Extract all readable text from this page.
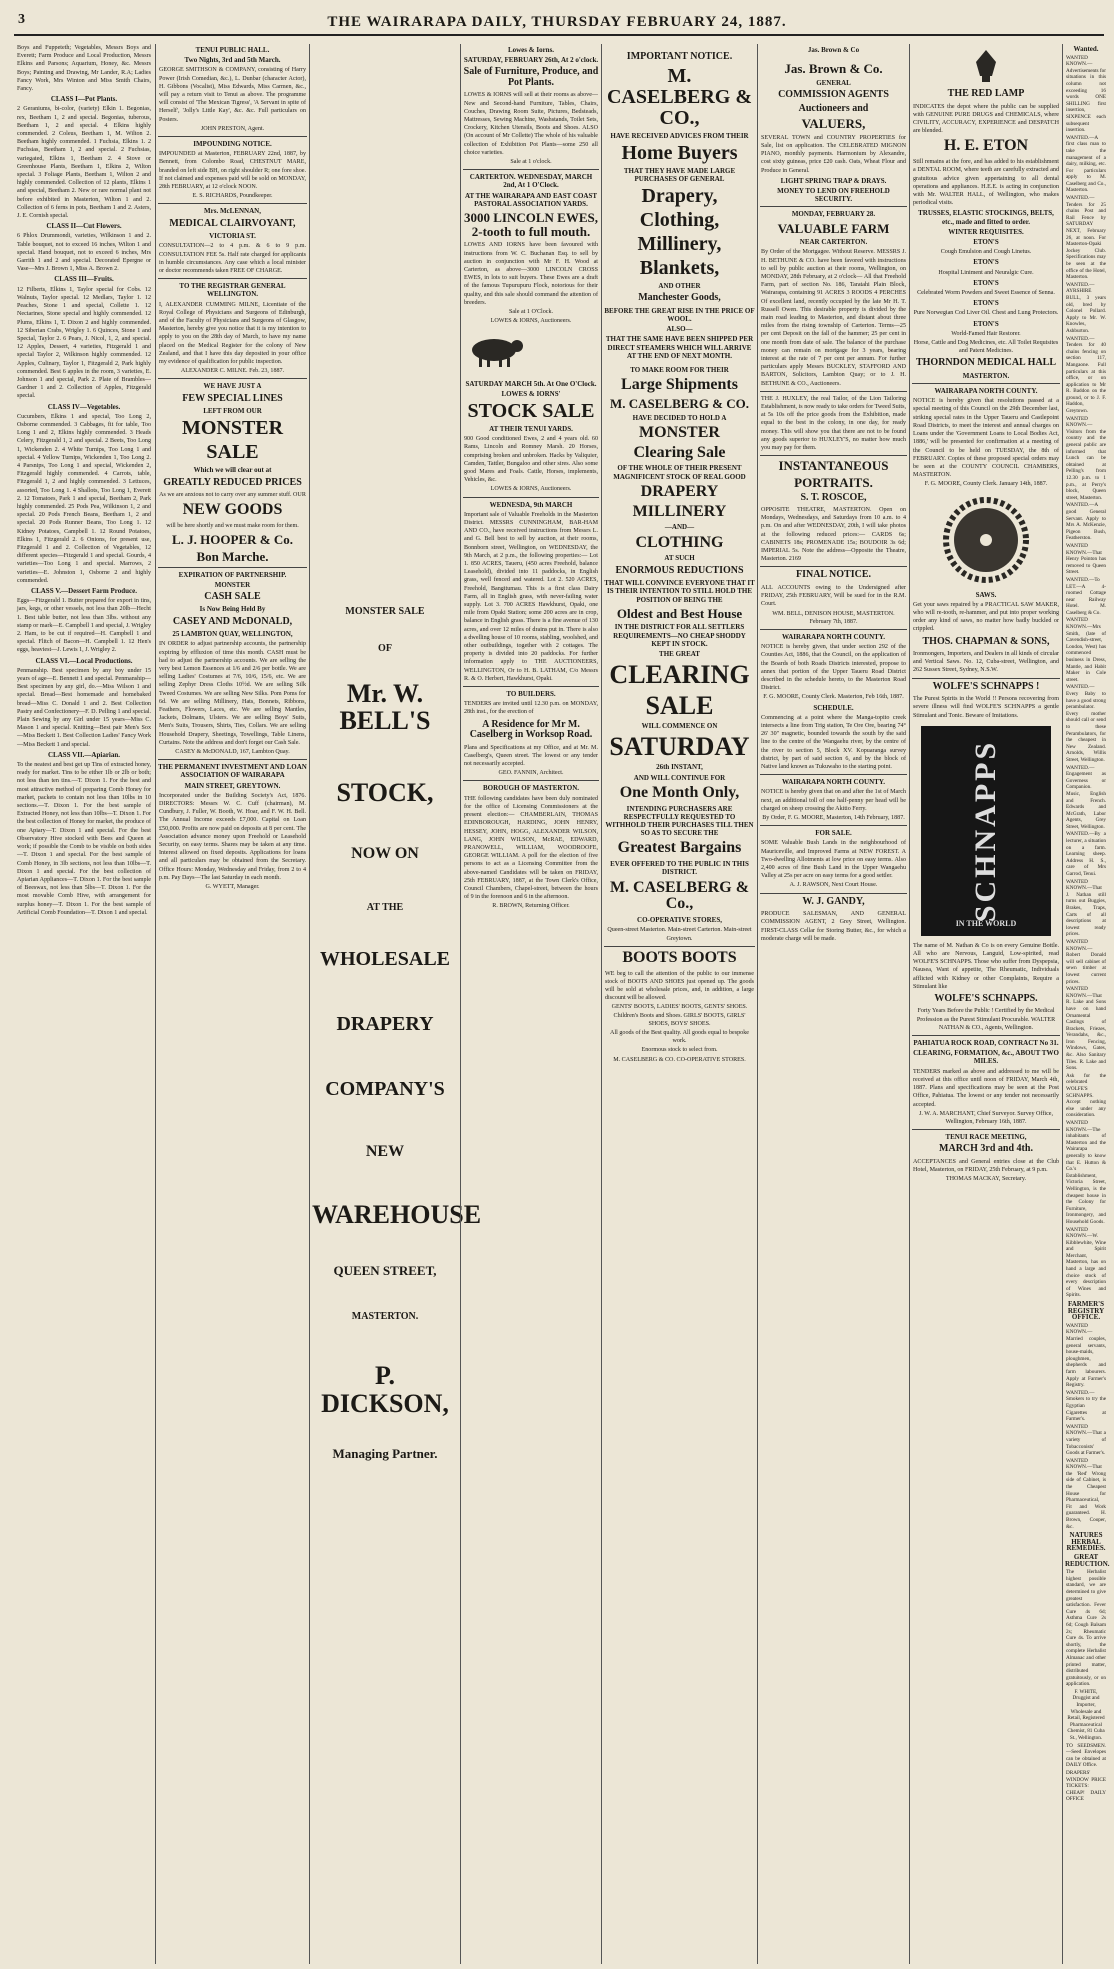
3	THE WAIRARAPA DAILY, THURSDAY FEBRUARY 24, 1887.

Boys and Fuppeteth; Vegetables, Messrs Boys and Everett; Farm Produce and Local Production, Messrs Elkins and Parsons; Aquarium, Honey, &c. Messrs Boys; Painting and Drawing, Mr Lander, R.A; Ladies Fancy Work, Mrs Winton and Miss Smith Chairs, Fancy.

CLASS I—Pot Plants.

2 Geraniums, bi-color, (variety) Elkin 1. Begonias, rex, Beetham 1, 2 and special. Begonias, tuberous, Beetham 1, 2 and special. 4 Elkins highly commended. 2 Coleus, Beetham 1, M. Wilton 2. Beetham highly commended. 1 Fuchsia, Elkins 1. 2 Fuchsias, Beetham 1, 2 and special. 2 Fuchsias, variegated, Elkins 1, Beetham 2. 4 Stove or Greenhouse Plants, Beetham 1, Elkins 2, Wilton special. 3 Foliage Plants, Beetham 1, Wilton 2 and highly commended. Collection of 12 plants, Elkins 1 and special, Beetham 2. New or rare normal plant not before exhibited in Masterton, Wilton 1 and 2. Collection of 6 ferns in pots, Beetham 1 and 2. Asters, J. E. Cornish special.

CLASS II—Cut Flowers.

6 Phlox Drummondi, varieties, Wilkinson 1 and 2. Table bouquet, not to exceed 16 inches, Wilton 1 and special. Hand bouquet, not to exceed 6 inches, Mrs Garrith 1 and 2 and special. Decorated Epergne or Vase—Mrs J. Brown 1, Miss A. Brown 2.

CLASS III—Fruits.

12 Filberts, Elkins 1, Taylor special for Cobs. 12 Walnuts, Taylor special. 12 Medlars, Taylor 1. 12 Peaches, Stone 1 and special, Collette 1. 12 Nectarines, Stone special and highly commended. 12 Plums, Elkins 1, T. Dixon 2 and highly commended. 12 Siberian Crabs, Wrigley 1. 6 Quinces, Stone 1 and Special, Taylor 2. 6 Pears, J. Nicol, 1, 2, and special. 12 Apples, Dessert, 4 varieties, Fitzgerald 1 and special Taylor 2, Wilkinson highly commended. 12 Apples, Culinary, Taylor 1, Fitzgerald 2, Park highly commended. Best 6 apples in the room, 3 varieties, E. Johnson 1 and special, Park 2. Plate of Brambles—Gardner 1 and 2. Collection of Apples, Fitzgerald special.

CLASS IV—Vegetables.

Cucumbers, Elkins 1 and special, Too Long 2, Osborne commended. 3 Cabbages, fit for table, Too Long 1 and 2, Elkins highly commended. 3 Heads Celery, Fitzgerald 1, 2 and special. 2 Beets, Too Long 1, Wickenden 2. 4 White Turnips, Too Long 1 and special. 4 Yellow Turnips, Wickenden 1, Too Long 2. 4 Parsnips, Too Long 1 and special, Wickenden 2, Fitzgerald highly commended. 4 Carrots, table, Fitzgerald 1, 2 and highly commended. 3 Lettuces, assorted, Too Long 1. 4 Shallots, Too Long 1, Everett 2. 12 Tomatoes, Park 1 and special, Beetham 2, Park highly commended. 25 Pods Pea, Wilkinson 1, 2 and special. 20 Pods French Beans, Beetham 1, 2 and special. 20 Pods Runner Beans, Too Long 1. 12 Kidney Potatoes, Campbell 1. 12 Round Potatoes, Elkins 1, Fitzgerald 2. 6 Onions, for present use, Fitzgerald 1 and 2. Collection of Vegetables, 12 different species—Fitzgerald 1 and special. Gourds, 4 varieties—Too Long 1 and special. Marrows, 2 varieties—E. Johnston 1, Osborne 2 and highly commended.

CLASS V.—Dessert Farm Produce.

Eggs—Fitzgerald 1. Butter prepared for export in tins, jars, kegs, or other vessels, not less than 20lb—Hecht 1. Best table butter, not less than 3lbs. without any stamp or mark—E. Campbell 1 and special, J. Wrigley 2. Ham, to be cut if required—H. Campbell 1 and special. Flitch of Bacon—H. Campbell 1. 12 Hen's eggs, heaviest—J. Lewis 1, J. Wrigley 2.

CLASS VI.—Local Productions.

Penmanship. Best specimen by any boy under 15 years of age—E. Bennett 1 and special. Penmanship—Best specimen by any girl, do.—Miss Wilson 1 and special. Bread—Best homemade and homebaked bread—Miss C. Donald 1 and 2. Best Collection Pastry and Confectionery—F. D. Pelling 1 and special. Plain Sewing by any Girl under 15 years—Miss C. Mason 1 and special. Knitting—Best pair Men's Sox—Miss Beckett 1. Best Collection Ladies' Fancy Work—Miss Beckett 1 and special.

CLASS VII.—Apiarian.

To the neatest and best get up Tins of extracted honey, ready for market. Tins to be either 1lb or 2lb or both; not less than ten tins.—T. Dixon 1. For the best and most attractive method of preparing Comb Honey for market, packets to contain not less than 10lbs in 10 sections.—T. Dixon 1. For the best sample of Extracted Honey, not less than 10lbs—T. Dixon 1. For the best collection of Honey for market, the produce of one Apiary—T. Dixon 1 and special. For the best Observatory Hive stocked with Bees and Queen at work; if possible the Comb to be visible on both sides—T. Dixon 1 and special. For the best sample of Comb Honey, in 3lb sections, not less than 10lbs—T. Dixon 1 and special. For the best collection of Apiarian Appliances—T. Dixon 1. For the best sample of Beeswax, not less than 5lbs—T. Dixon 1. For the most movable Comb Hive, with arrangement for surplus honey—T. Dixon 1. For the best sample of Artificial Comb Foundation—T. Dixon 1 and special.

TENUI PUBLIC HALL.
Two Nights, 3rd and 5th March.

GEORGE SMITHSON & COMPANY, consisting of Harry Power (Irish Comedian, &c.), L. Dunbar (character Actor), H. Gibbons (Vocalist), Miss Edwards, Miss Carmen, &c., will pay a return visit to Tenui as above. The programme will consist of 'The Mexican Tigress', 'A Servant in spite of Herself', 'Jolly's Little Kay', &c. &c. Full particulars on Posters.

JOHN PRESTON, Agent.

IMPOUNDING NOTICE.

IMPOUNDED at Masterton, FEBRUARY 22nd, 1887, by Bennett, from Colombo Road, CHESTNUT MARE, branded on left side BH, on right shoulder R; one fore shoe. If not claimed and expenses paid will be sold on MONDAY, 28th FEBRUARY, at 12 o'clock NOON.

E. S. RICHARDS, Poundkeeper.

Mrs. McLENNAN,
MEDICAL CLAIRVOYANT,
VICTORIA ST.

CONSULTATION—2 to 4 p.m. & 6 to 9 p.m. CONSULTATION FEE 5s. Half rate charged for applicants in humble circumstances. Any case which a local minister or doctor recommends taken FREE OF CHARGE.

TO THE REGISTRAR GENERAL WELLINGTON.

I, ALEXANDER CUMMING MILNE, Licentiate of the Royal College of Physicians and Surgeons of Edinburgh, and of the Faculty of Physicians and Surgeons of Glasgow, Masterton, hereby give you notice that it is my intention to apply to you on the 28th day of March, to have my name placed on the Medical Register for the colony of New Zealand, and that I have this day deposited in your office my evidence of qualification for public inspection.

ALEXANDER C. MILNE. Feb. 23, 1887.

WE HAVE JUST A
FEW SPECIAL LINES
LEFT FROM OUR
MONSTER
SALE
Which we will clear out at
GREATLY REDUCED PRICES

As we are anxious not to carry over any summer stuff. OUR

NEW GOODS

will be here shortly and we must make room for them.

L. J. HOOPER & Co.
Bon Marche.
EXPIRATION OF PARTNERSHIP.
MONSTER
CASH SALE
Is Now Being Held By
CASEY AND McDONALD,
25 LAMBTON QUAY, WELLINGTON,

IN ORDER to adjust partnership accounts, the partnership expiring by effluxion of time this month. CASH must be had to adjust the partnership accounts. We are selling the very best Lemon Essences at 1/6 and 2/6 per bottle. We are selling Ladies' Costumes at 7/6, 10/6, 15/6, etc. We are selling Zephyr Dress Cloths 10½d. We are selling Silk Tweed Costumes. We are selling New Silks. Pom Poms for 6d. We are selling Millinery, Hats, Bonnets, Ribbons, Feathers, Flowers, Laces, etc. We are selling Mantles, Jackets, Dolmans, Ulsters. We are selling Boys' Suits, Men's Suits, Trousers, Shirts, Ties, Collars. We are selling Household Drapery, Sheetings, Towellings, Table Linens, Curtains. Note the address and don't forget our Cash Sale.

CASEY & McDONALD, 167, Lambton Quay.

THE PERMANENT INVESTMENT AND LOAN ASSOCIATION OF WAIRARAPA
MAIN STREET, GREYTOWN.

Incorporated under the Building Society's Act, 1876. DIRECTORS: Messrs W. C. Cuff (chairman), M. Cundbury, J. Fuller, W. Booth, W. Hoar, and F. W. H. Bell. The Annual Income exceeds £7,000. Capital on Loan £50,000. Profits are now paid on deposits at 8 per cent. The Association advance money upon Freehold or Leasehold Security, on easy terms. Shares may be taken at any time. Interest allowed on fixed deposits. Applications for loans and all particulars may be obtained from the Secretary. Office Hours: Monday, Wednesday and Friday, from 2 to 4 p.m. Pay Days—The last Saturday in each month.

G. WYETT, Manager.

MONSTER SALE
OF
Mr. W. BELL'S
STOCK,
NOW ON
AT THE
WHOLESALE
DRAPERY
COMPANY'S
NEW
WAREHOUSE
QUEEN STREET,
MASTERTON.
P. DICKSON,
Managing Partner.
Lowes & Iorns.
SATURDAY, FEBRUARY 26th, At 2 o'clock.
Sale of Furniture, Produce, and Pot Plants.

LOWES & IORNS will sell at their rooms as above— New and Second-hand Furniture, Tables, Chairs, Couches, Drawing Room Suite, Pictures, Bedsteads, Mattresses, Sewing Machine, Washstands, Toilet Sets, Crockery, Kitchen Utensils, Boots and Shoes. ALSO (On account of Mr Collette) The whole of his valuable collection of Exhibition Pot Plants—some 250 all choice varieties.

Sale at 1 o'clock.

CARTERTON. WEDNESDAY, MARCH 2nd, At 1 O'Clock.
AT THE WAIRARAPA AND EAST COAST PASTORAL ASSOCIATION YARDS.
3000 LINCOLN EWES, 2-tooth to full mouth.

LOWES AND IORNS have been favoured with instructions from W. C. Buchanan Esq. to sell by auction in conjunction with Mr F. H. Wood at Carterton, as above—3000 LINCOLN CROSS EWES, in lots to suit buyers. These Ewes are a draft of the famous Tupurupuru Flock, notorious for their quality, and this sale should command the attention of breeders.

Sale at 1 O'Clock.

LOWES & IORNS, Auctioneers.

SATURDAY MARCH 5th. At One O'Clock.
LOWES & IORNS'
STOCK SALE
AT THEIR TENUI YARDS.

900 Good conditioned Ewes, 2 and 4 years old. 60 Rams, Lincoln and Romney Marsh. 20 Horses, comprising broken and unbroken. Hacks by Valiquier, Camden, Tattler, Bungaloo and other sires. Also some good Mares and Foals. Cattle, Horses, implements, Vehicles, &c.

LOWES & IORNS, Auctioneers.

WEDNESDA, 9th MARCH

Important sale of Valuable Freeholds in the Masterton District. MESSRS CUNNINGHAM, BAR-HAM AND CO., have received instructions from Messrs L. and G. Bell best to sell by auction, at their rooms, Bonnborn street, Wellington, on WEDNESDAY, the 9th March, at 2 p.m., the following properties:— Lot 1. 850 ACRES, Taueru, (450 acres Freehold, balance Leasehold), divided into 11 paddocks, in English grass, well fenced and watered. Lot 2. 520 ACRES, Freehold, Bangitumau. This is a first class Dairy Farm, all in English grass, with never-failing water supply. Lot 3. 700 ACRES Hawkhurst, Opaki, one mile from Opaki Station; some 200 acres are in crop, balance in English grass. There is a fine avenue of 130 acres, and over 12 miles of drains put in. There is also a dwelling house of 10 rooms, stabling, woolshed, and other outbuildings, together with 2 cottages. The property is divided into 20 paddocks. For further information apply to THE AUCTIONEERS, WELLINGTON, Or to H. B. LATHAM, C/o Messrs R. & O. Herbert, Hawkhurst, Opaki.

TO BUILDERS.

TENDERS are invited until 12.30 p.m. on MONDAY, 28th inst., for the erection of

A Residence for Mr M. Caselberg in Worksop Road.

Plans and Specifications at my Office, and at Mr. M. Caselberg's, Queen street. The lowest or any tender not necessarily accepted.

GEO. FANNIN, Architect.

BOROUGH OF MASTERTON.

THE following candidates have been duly nominated for the office of Licensing Commissioners at the present election:— CHAMBERLAIN, THOMAS EDINBOROUGH, HARDING, JOHN HENRY, HESSEY, JOHN, HOGG, ALEXANDER WILSON, LANG, JOHN WILSON, McRAE, EDWARD, PRANOWELL, WILLIAM, WOODROOFE, GEORGE WILLIAM. A poll for the election of five persons to act as a Licensing Committee from the above-named Candidates will be taken on FRIDAY, 25th FEBRUARY, 1887, at the Town Clerk's Office, Council Chambers, Chapel-street, between the hours of 9 in the forenoon and 6 in the afternoon.

R. BROWN, Returning Officer.

IMPORTANT NOTICE.
M. CASELBERG & CO.,
HAVE RECEIVED ADVICES FROM THEIR
Home Buyers
THAT THEY HAVE MADE LARGE PURCHASES OF GENERAL
Drapery,
Clothing,
Millinery,
Blankets,
AND OTHER
Manchester Goods,
BEFORE THE GREAT RISE IN THE PRICE OF WOOL.
ALSO—
THAT THE SAME HAVE BEEN SHIPPED PER DIRECT STEAMERS WHICH WILL ARRIVE AT THE END OF NEXT MONTH.
TO MAKE ROOM FOR THEIR
Large Shipments
M. CASELBERG & CO.
HAVE DECIDED TO HOLD A
MONSTER
Clearing Sale
OF THE WHOLE OF THEIR PRESENT MAGNIFICENT STOCK OF REAL GOOD
DRAPERY
MILLINERY
—AND—
CLOTHING
AT SUCH
ENORMOUS REDUCTIONS
THAT WILL CONVINCE EVERYONE THAT IT IS THEIR INTENTION TO STILL HOLD THE POSITION OF BEING THE
Oldest and Best House
IN THE DISTRICT FOR ALL SETTLERS REQUIREMENTS—NO CHEAP SHODDY KEPT IN STOCK.
THE GREAT
CLEARING
SALE
WILL COMMENCE ON
SATURDAY
26th INSTANT,
AND WILL CONTINUE FOR
One Month Only,
INTENDING PURCHASERS ARE RESPECTFULLY REQUESTED TO WITHHOLD THEIR PURCHASES TILL THEN SO AS TO SECURE THE
Greatest Bargains
EVER OFFERED TO THE PUBLIC IN THIS DISTRICT.
M. CASELBERG & Co.,
CO-OPERATIVE STORES,

Queen-street Masterton. Main-street Carterton. Main-street Greytown.

BOOTS BOOTS

WE beg to call the attention of the public to our immense stock of BOOTS AND SHOES just opened up. The goods will be sold at wholesale prices, and, in addition, a large discount will be allowed.

GENTS' BOOTS, LADIES' BOOTS, GENTS' SHOES. Children's Boots and Shoes. GIRLS' BOOTS, GIRLS' SHOES, BOYS' SHOES.

All goods of the Best quality. All goods equal to bespoke work.

Enormous stock to select from.

M. CASELBERG & CO. CO-OPERATIVE STORES.

Jas. Brown & Co
Jas. Brown & Co.
GENERAL
COMMISSION AGENTS
Auctioneers and
VALUERS,

SEVERAL TOWN and COUNTRY PROPERTIES for Sale, list on application. The CELEBRATED MIGNON PIANO, monthly payments. Harmonium by Alexandre, cost sixty guineas, price £20 cash. Oats, Wheat Flour and Produce in General.

LIGHT SPRING TRAP & DRAYS.
MONEY TO LEND ON FREEHOLD SECURITY.
MONDAY, FEBRUARY 28.
VALUABLE FARM
NEAR CARTERTON.

By Order of the Mortgagee. Without Reserve. MESSRS J. H. BETHUNE & CO. have been favored with instructions to sell by public auction at their rooms, Wellington, on MONDAY, 28th February, at 2 o'clock— All that Freehold Farm, part of section No. 186, Taratahi Plain Block, Wairarapa, containing 91 ACRES 3 ROODS 4 PERCHES Of excellent land, recently occupied by the late Mr H. T. Russell Owen. This desirable property is divided by the main road leading to Masterton, and distant about three miles from the rising township of Carterton. Terms—25 per cent Deposit on the fall of the hammer; 25 per cent in one month from date of sale. The balance of the purchase money can remain on mortgage for 3 years, bearing interest at the rate of 7 per cent per annum. For further particulars apply Messrs BUCKLEY, STAFFORD AND BARTON, Solicitors, Lambton Quay; or to J. H. BETHUNE & CO., Auctioneers.

THE J. HUXLEY, the real Tailor, of the Lion Tailoring Establishment, is now ready to take orders for Tweed Suits, at 5s 10s off the price goods from the Exhibition, made equal to the best in the colony, in one day, for ready money. This will show you that there are not to be found any goods superior to HUXLEY'S, no matter how much you may pay for them.

INSTANTANEOUS
PORTRAITS.
S. T. ROSCOE,

OPPOSITE THEATRE, MASTERTON. Open on Mondays, Wednesdays, and Saturdays from 10 a.m. to 4 p.m. On and after WEDNESDAY, 20th, I will take photos at the following reduced prices:— CARDS 6s; CABINETS 18s; PROMENADE 15s; BOUDOIR 3s 6d; IMPERIAL 5s. Note the address—Opposite the Theatre, Masterton. 2169

FINAL NOTICE.

ALL ACCOUNTS owing to the Undersigned after FRIDAY, 25th FEBRUARY, Will be sued for in the R.M. Court.

WM. BELL, DENISON HOUSE, MASTERTON. February 7th, 1887.

WAIRARAPA NORTH COUNTY.

NOTICE is hereby given, that under section 292 of the Counties Act, 1886, that the Council, on the application of the Boards of both Roads Districts interested, propose to annex that portion of the Upper Taueru Road District described in the schedule hereto, to the Masterton Road District.

F. G. MOORE, County Clerk. Masterton, Feb 16th, 1887.

SCHEDULE.

Commencing at a point where the Manga-topito creek intersects a line from Trig station, Te Ore Ore, bearing 74° 26' 30" magnetic, bounded towards the south by the said line to the centre of the Wangaehu river, by the centre of the river to section 5, Block XV. Kopuaranga survey district, by part of said section 6, and by the block of Native land known as Tukuwaho to the starting point.

WAIRARAPA NORTH COUNTY.

NOTICE is hereby given that on and after the 1st of March next, an additional toll of one half-penny per head will be charged on sheep crossing the Akitio Ferry.

By Order, F. G. MOORE, Masterton, 14th February, 1887.

FOR SALE.

SOME Valuable Bush Lands in the neighbourhood of Mauriceville, and Improved Farms at NEW FOREST. A Two-dwelling Allotments at low price on easy terms. Also 2,400 acres of fine Bush Land in the Upper Wangaehu Valley at 25s per acre on easy terms for a good settler.

A. J. RAWSON, Next Court House.

W. J. GANDY,

PRODUCE SALESMAN, AND GENERAL COMMISSION AGENT, 2 Grey Street, Wellington. FIRST-CLASS Cellar for Storing Butter, &c., for which a moderate charge will be made.

THE RED LAMP

INDICATES the depot where the public can be supplied with GENUINE PURE DRUGS and CHEMICALS, where CIVILITY, ACCURACY, EXPERIENCE and DESPATCH are blended.

H. E. ETON

Still remains at the fore, and has added to his establishment a DENTAL ROOM, where teeth are carefully extracted and gratuitous advice given appertaining to all dental operations and appliances. H.E.E. is acting in conjunction with Mr. WALTER HALL, of Wellington, who makes periodical visits.

TRUSSES, ELASTIC STOCKINGS, BELTS, etc., made and fitted to order.
WINTER REQUISITES.
ETON'S

Cough Emulsion and Cough Linetus.

ETON'S

Hospital Liniment and Neuralgic Cure.

ETON'S

Celebrated Worm Powders and Sweet Essence of Senna.

ETON'S

Pure Norwegian Cod Liver Oil. Chest and Lung Protectors.

ETON'S

World-Famed Hair Restorer.

Horse, Cattle and Dog Medicines, etc. All Toilet Requisites and Patent Medicines.

THORNDON MEDICAL HALL
MASTERTON.
WAIRARAPA NORTH COUNTY.

NOTICE is hereby given that resolutions passed at a special meeting of this Council on the 29th December last, striking special rates in the Upper Taueru and Castlepoint Road Districts, to meet the interest and annual charges on Loans under the 'Government Loans to Local Bodies Act, 1886,' will be presented for confirmation at a meeting of the Council to be held on TUESDAY, the 8th of FEBRUARY. Copies of these proposed special orders may be seen at the COUNTY COUNCIL CHAMBERS, MASTERTON.

F. G. MOORE, County Clerk. January 14th, 1887.

SAWS.

Get your saws repaired by a PRACTICAL SAW MAKER, who will re-tooth, re-hammer, and put into proper working order any kind of saws, no matter how badly buckled or crippled.

THOS. CHAPMAN & SONS,

Ironmongers, Importers, and Dealers in all kinds of circular and Vertical Saws. No. 12, Cuba-street, Wellington, and 262 Sussex Street, Sydney, N.S.W.

WOLFE'S SCHNAPPS !

The Purest Spirits in the World !! Persons recovering from severe illness will find WOLFE'S SCHNAPPS a gentle Stimulant and Tonic. Beware of Imitations.

SCHNAPPS
IN THE WORLD

The name of M. Nathan & Co is on every Genuine Bottle. All who are Nervous, Languid, Low-spirited, read WOLFE'S SCHNAPPS. Those who suffer from Dyspepsia, Nausea, Want of appetite, The Rheumatic, Individuals afflicted with Kidney or other Complaints, Require a Stimulant like

WOLFE'S SCHNAPPS.

Forty Years Before the Public ! Certified by the Medical Profession as the Purest Stimulant Procurable. WALTER NATHAN & CO., Agents, Wellington.

PAHIATUA ROCK ROAD, CONTRACT No 31.
CLEARING, FORMATION, &c., ABOUT TWO MILES.

TENDERS marked as above and addressed to me will be received at this office until noon of FRIDAY, March 4th, 1887. Plans and specifications may be seen at the Post Office, Pahiatua. The lowest or any tender not necessarily accepted.

J. W. A. MARCHANT, Chief Surveyor. Survey Office, Wellington, February 16th, 1887.

TENUI RACE MEETING,
MARCH 3rd and 4th.

ACCEPTANCES and General entries close at the Club Hotel, Masterton, on FRIDAY, 25th February, at 9 p.m.

THOMAS MACKAY, Secretary.

Wanted.

WANTED KNOWN.—Advertisements for situations in this column not exceeding 16 words ONE SHILLING first insertion, SIXPENCE each subsequent insertion.

WANTED.—A first class man to take the management of a dairy, milking, etc. For particulars apply to M. Caselberg and Co., Masterton.

WANTED.—Tenders for 25 chains Post and Rail Fence by SATURDAY NEXT, February 26, at noon. For Masterton-Opaki Jockey Club. Specifications may be seen at the office of the Hotel, Masterton.

WANTED.—AYRSHIRE BULL, 3 years old, bred by Colonel Pollard. Apply to Mr. W. Knowles, Ashburton.

WANTED.—Tenders for 40 chains fencing on section 117, Mangaone. Full particulars at this office, or on application to Mr R. Baddon on the ground, or to J. F. Haddon, Greytown.

WANTED KNOWN.—Visitors from the country and the general public are informed that Lunch can be obtained at Pelling's from 12.30 p.m. to 1 p.m., at Perry's block, Queen street, Masterton.

WANTED.—A good General Servant. Apply to Mrs A. McKenzie, Pigeon Bush, Featherston.

WANTED KNOWN.—That Henry Pointon has removed to Queen Street.

WANTED.—To LET.—A 4-roomed Cottage near Railway Hotel. M. Caselberg & Co.

WANTED KNOWN.—Mrs Smith, (late of Cavendish-street, London, West) has commenced business in Dress, Mantle, and Habit Maker in Cole street.

WANTED.—Every Baby to have a good strong perambulator. Every mother should call or send to these Perambulators, for the cheapest in New Zealand. Arnolds, Willis Street, Wellington.

WANTED.—Engagement as Governess or Companion. Music, English and French. Edwards and McGrath, Labor Agents, Grey Street, Wellington.

WANTED.—By a lecturer, a situation on a farm. Learning sheep. Address H. S., care of Mrs Garrod, Tenui.

WANTED KNOWN.—That J. Nathan still turns out Buggies, Brakes, Traps, Carts of all descriptions at lowest ready prices.

WANTED KNOWN.—Robert Donald will sell cabinet of sewn timber at lowest current prices.

WANTED KNOWN.—That R. Lake and Sons have on hand Ornamental Castings of Brackets, Friezes, Verandahs, &c., Iron Fencing, Windows, Gates, &c. Also Sanitary Tiles. R. Lake and Sons.

Ask for the celebrated WOLFE'S SCHNAPPS. Accept nothing else under any consideration.

WANTED KNOWN.—The inhabitants of Masterton and the Wairarapa generally to know that E. Hutton & Co.'s Establishment, Victoria Street, Wellington, is the cheapest house in the Colony for Furniture, Ironmongery, and Household Goods.

WANTED KNOWN.—W. Kibblewhite, Wine and Spirit Merchant, Masterton, has on hand a large and choice stock of every description of Wines and Spirits.

FARMER'S REGISTRY OFFICE.

WANTED KNOWN.—Married couples, general servants, house-maids, ploughmen, shepherds and farm labourers. Apply at Farmer's Registry.

WANTED.—Smokers to try the Egyptian Cigarettes at Farmer's.

WANTED KNOWN.—That a variety of Tobacconists' Goods at Farmer's.

WANTED KNOWN.—That the 'Red' Wrong side of Cabinet, is the Cheapest House for Pharmaceutical, Fit and Work guaranteed. H. Brown, Cooper, &c.

NATURES HERBAL REMEDIES.
GREAT REDUCTION.

The Herbalist highest possible standard, we are determined to give greatest satisfaction. Fever Cure 4s 6d; Asthma Cure 2s 6d; Cough Balsam 2s; Rheumatic Cure 4s. To arrive shortly, the complete Herbalist Almanac and other printed matter, distributed gratuitously, or on application.

F. WHITE, Druggist and Importer, Wholesale and Retail, Registered Pharmaceutical Chemist, 81 Cuba St., Wellington.

TO SEEDSMEN.—Seed Envelopes can be obtained at DAILY Office.

DRAPERS' WINDOW PRICE TICKETS: CHEAP! DAILY OFFICE
